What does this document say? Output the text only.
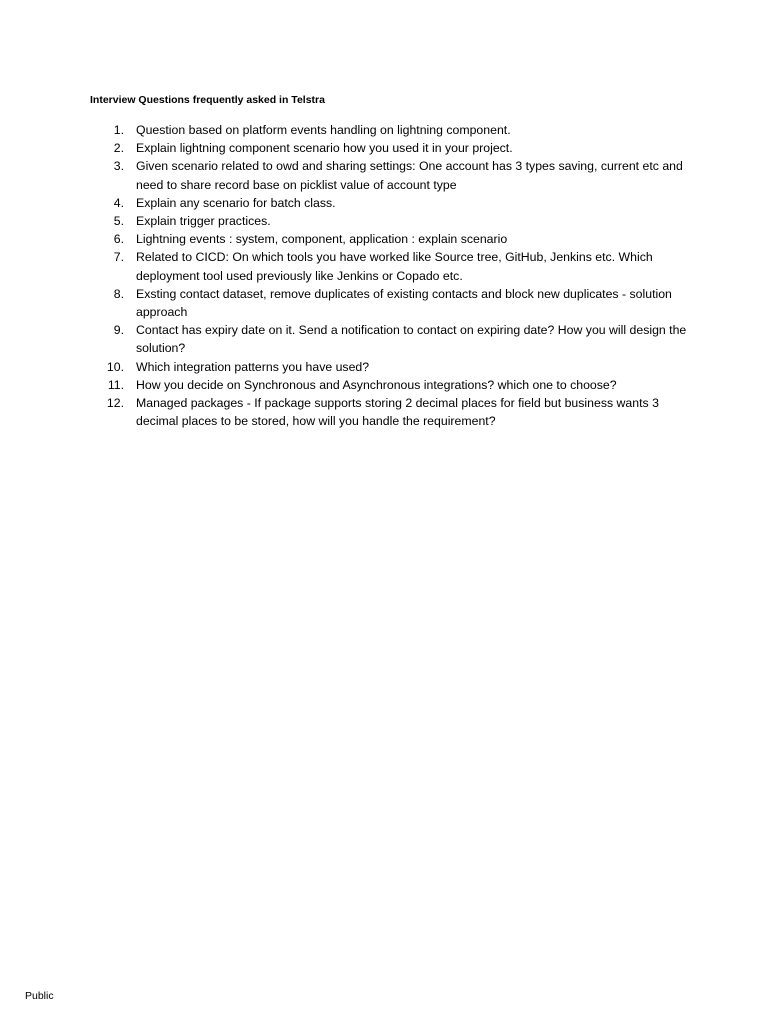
Interview Questions frequently asked in Telstra
1. Question based on platform events handling on lightning component.
2. Explain lightning component scenario how you used it in your project.
3. Given scenario related to owd and sharing settings: One account has 3 types saving, current etc and need to share record base on picklist value of account type
4. Explain any scenario for batch class.
5. Explain trigger practices.
6. Lightning events : system, component, application : explain scenario
7. Related to CICD: On which tools you have worked like Source tree, GitHub, Jenkins etc. Which deployment tool used previously like Jenkins or Copado etc.
8. Exsting contact dataset, remove duplicates of existing contacts and block new duplicates - solution approach
9. Contact has expiry date on it. Send a notification to contact on expiring date? How you will design the solution?
10. Which integration patterns you have used?
11. How you decide on Synchronous and Asynchronous integrations? which one to choose?
12. Managed packages - If package supports storing 2 decimal places for field but business wants 3 decimal places to be stored, how will you handle the requirement?
Public
